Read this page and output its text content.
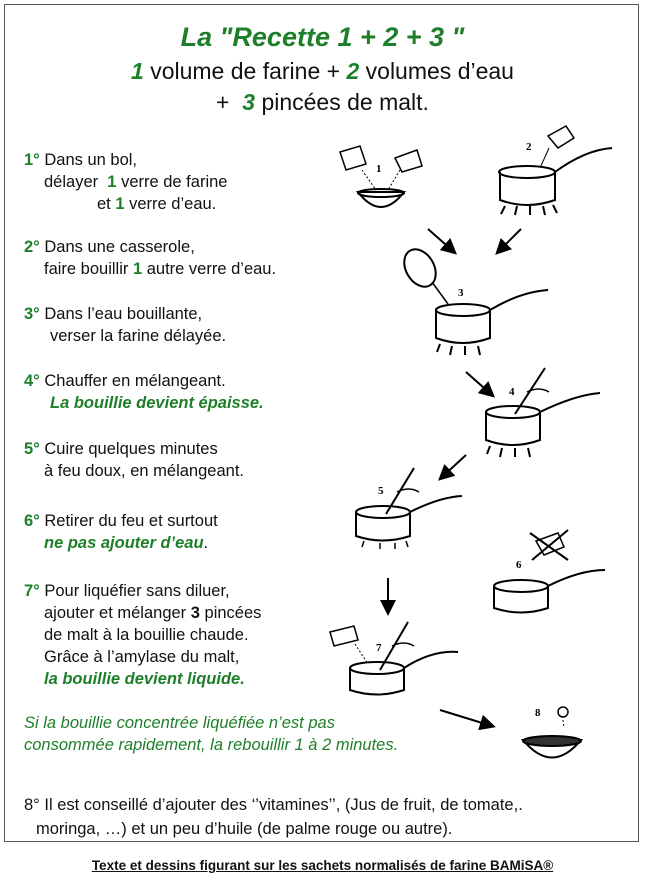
La "Recette 1 + 2 + 3 "
1 volume de farine + 2 volumes d’eau
+  3 pincées de malt.
1° Dans un bol,
délayer  1 verre de farine
et 1 verre d’eau.
2° Dans une casserole,
faire bouillir 1 autre verre d’eau.
3° Dans l’eau bouillante,
verser la farine délayée.
4° Chauffer en mélangeant.
La bouillie devient épaisse.
5° Cuire quelques minutes
à feu doux, en mélangeant.
6° Retirer du feu et surtout
ne pas ajouter d’eau.
7° Pour liquéfier sans diluer,
ajouter et mélanger 3 pincées
de malt à la bouillie chaude.
Grâce à l’amylase du malt,
la bouillie devient liquide.
Si la bouillie concentrée liquéfiée n’est pas
consommée rapidement, la rebouillir 1 à 2 minutes.
8° Il est conseillé d’ajouter des ‘’vitamines’’, (Jus de fruit, de tomate,.
moringa, …) et un peu d’huile (de palme rouge ou autre).
Texte et dessins figurant sur les sachets normalisés de farine BAMiSA®
1
2
3
4
5
6
7
8
